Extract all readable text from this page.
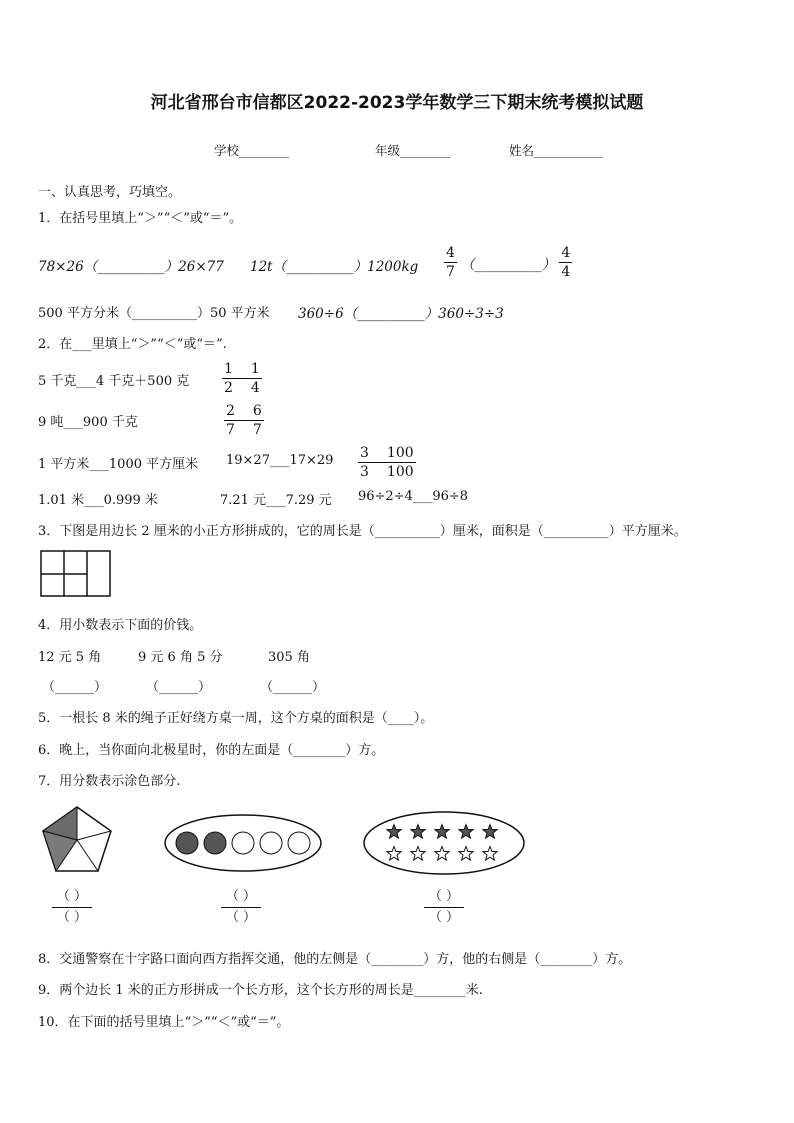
河北省邢台市信都区2022-2023学年数学三下期末统考模拟试题
学校________	年级________	姓名___________
一、认真思考，巧填空。
1．在括号里填上“＞”“＜”或“＝”。
78×26（__________）26×77 12t（__________）1200kg $\frac{4}{7}$ （__________） $\frac{4}{4}$
500 平方分米（__________）50 平方米 360÷6（__________）360÷3÷3
2．在___里填上“＞”“＜”或“＝”.
5 千克___4 千克＋500 克 $\frac{1}{2} \frac{1}{4}$
9 吨___900 千克	$\frac{2}{7} \frac{6}{7}$
1 平方米___1000 平方厘米 19×27___17×29 $\frac{3}{3} \frac{100}{100}$
1.01 米___0.999 米	7.21 元___7.29 元 96÷2÷4___96÷8
3．下图是用边长 2 厘米的小正方形拼成的，它的周长是（__________）厘米，面积是（__________）平方厘米。
4．用小数表示下面的价钱。
12 元 5 角	9 元 6 角 5 分	305 角
（______）	（______）	（______）
5．一根长 8 米的绳子正好绕方桌一周，这个方桌的面积是（____）。
6．晚上，当你面向北极星时，你的左面是（________）方。
7．用分数表示涂色部分.
（ ）
（ ）
（ ）
（ ）
（ ）
（ ）
8．交通警察在十字路口面向西方指挥交通，他的左侧是（________）方，他的右侧是（________）方。
9．两个边长 1 米的正方形拼成一个长方形，这个长方形的周长是________米.
10．在下面的括号里填上“＞”“＜”或“＝”。
